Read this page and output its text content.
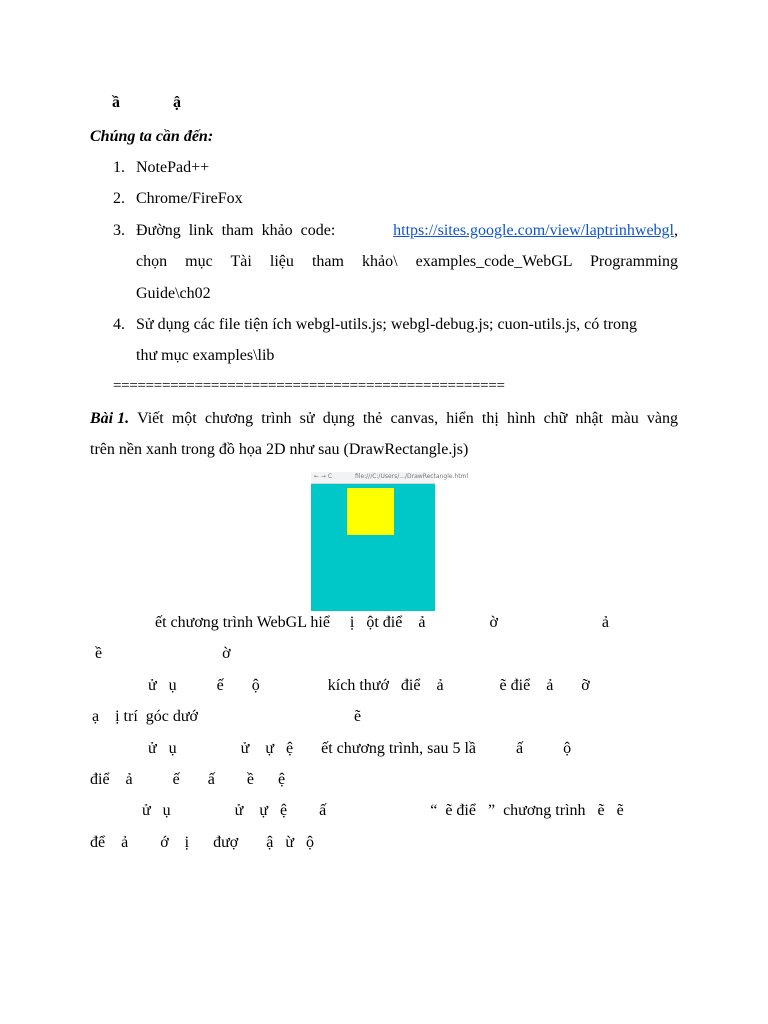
ầ	ậ
Chúng ta cần đến:
1. NotePad++
2. Chrome/FireFox
3. Đường  link  tham  khảo  code:	https://sites.google.com/view/laptrinhwebgl,
chọn mục Tài liệu tham khảo\ examples_code_WebGL Programming
Guide\ch02
4. Sử dụng các file tiện ích webgl-utils.js; webgl-debug.js; cuon-utils.js, có trong
thư mục examples\lib
================================================
Bài 1. Viết một chương trình sử dụng thẻ canvas, hiển thị hình chữ nhật màu vàng
trên nền xanh trong đồ họa 2D như sau (DrawRectangle.js)
← → C	file:///C:/Users/.../DrawRectangle.html
ết chương trình WebGL hiể     ị   ột điể    ả                ờ                          ả
ề                              ờ
ử   ụ          ế       ộ                 kích thướ   điể    ả              ẽ điể    ả       ỡ
ạ    ị trí  góc dướ                                       ẽ
ử   ụ                ử    ự   ệ       ết chương trình, sau 5 lầ          ấ          ộ
điể    ả          ế       ấ        ề      ệ
ử   ụ                ử    ự   ệ        ấ                          “  ẽ điể   ”  chương trình   ẽ   ẽ
để    ả        ớ    ị      đượ       ậ   ừ   ộ
